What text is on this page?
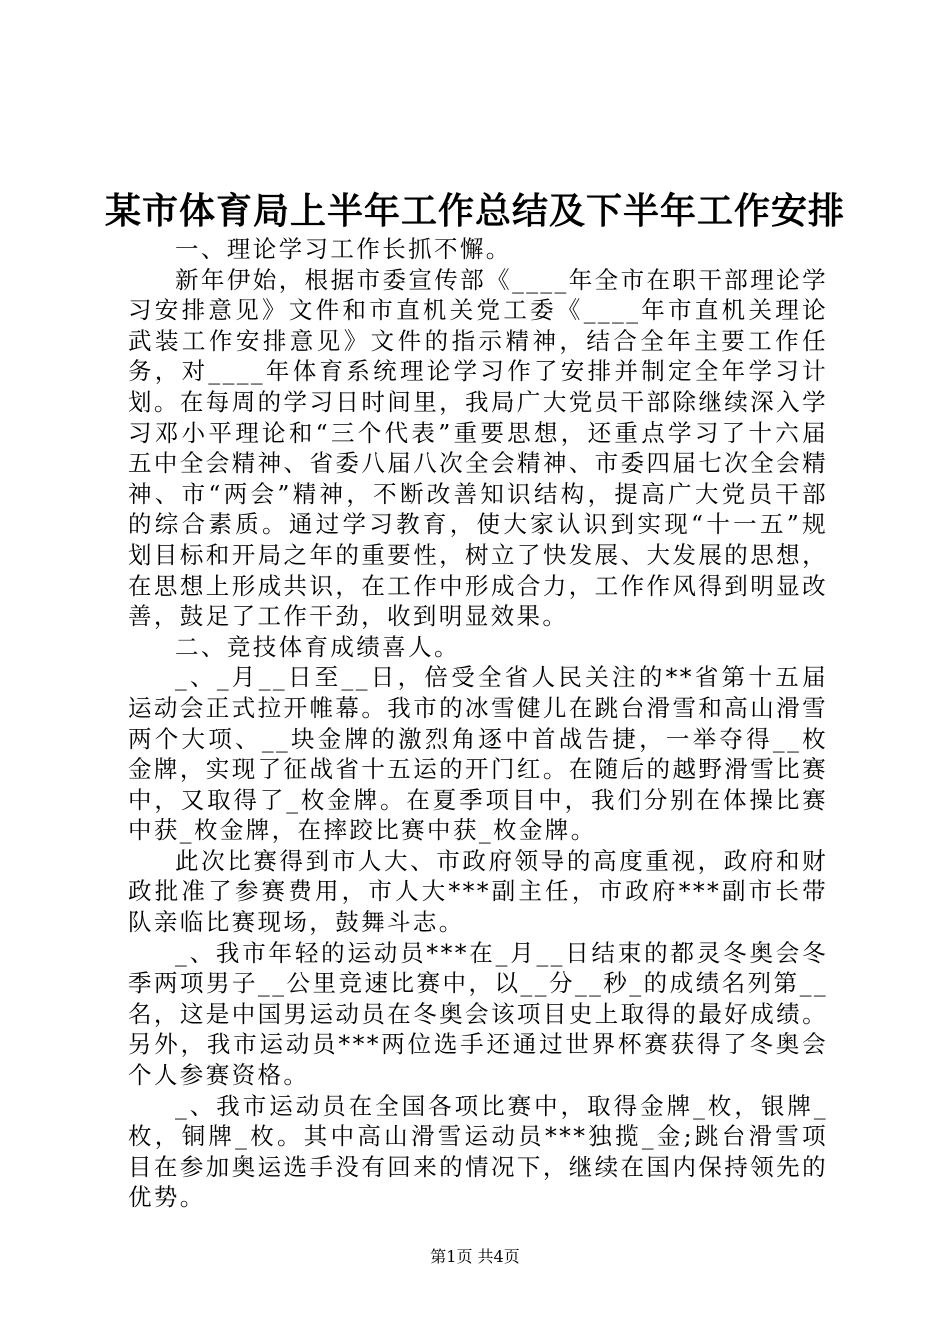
某市体育局上半年工作总结及下半年工作安排

一、理论学习工作长抓不懈。

新年伊始，根据市委宣传部《____年全市在职干部理论学习安排意见》文件和市直机关党工委《____年市直机关理论武装工作安排意见》文件的指示精神，结合全年主要工作任务，对____年体育系统理论学习作了安排并制定全年学习计划。在每周的学习日时间里，我局广大党员干部除继续深入学习邓小平理论和“三个代表”重要思想，还重点学习了十六届五中全会精神、省委八届八次全会精神、市委四届七次全会精神、市“两会”精神，不断改善知识结构，提高广大党员干部的综合素质。通过学习教育，使大家认识到实现“十一五”规划目标和开局之年的重要性，树立了快发展、大发展的思想，在思想上形成共识，在工作中形成合力，工作作风得到明显改善，鼓足了工作干劲，收到明显效果。

二、竞技体育成绩喜人。

_、_月__日至__日，倍受全省人民关注的**省第十五届运动会正式拉开帷幕。我市的冰雪健儿在跳台滑雪和高山滑雪两个大项、__块金牌的激烈角逐中首战告捷，一举夺得__枚金牌，实现了征战省十五运的开门红。在随后的越野滑雪比赛中，又取得了_枚金牌。在夏季项目中，我们分别在体操比赛中获_枚金牌，在摔跤比赛中获_枚金牌。

此次比赛得到市人大、市政府领导的高度重视，政府和财政批准了参赛费用，市人大***副主任，市政府***副市长带队亲临比赛现场，鼓舞斗志。

_、我市年轻的运动员***在_月__日结束的都灵冬奥会冬季两项男子__公里竞速比赛中，以__分__秒_的成绩名列第__名，这是中国男运动员在冬奥会该项目史上取得的最好成绩。另外，我市运动员***两位选手还通过世界杯赛获得了冬奥会个人参赛资格。

_、我市运动员在全国各项比赛中，取得金牌_枚，银牌_枚，铜牌_枚。其中高山滑雪运动员***独揽_金;跳台滑雪项目在参加奥运选手没有回来的情况下，继续在国内保持领先的优势。

第1页 共4页
